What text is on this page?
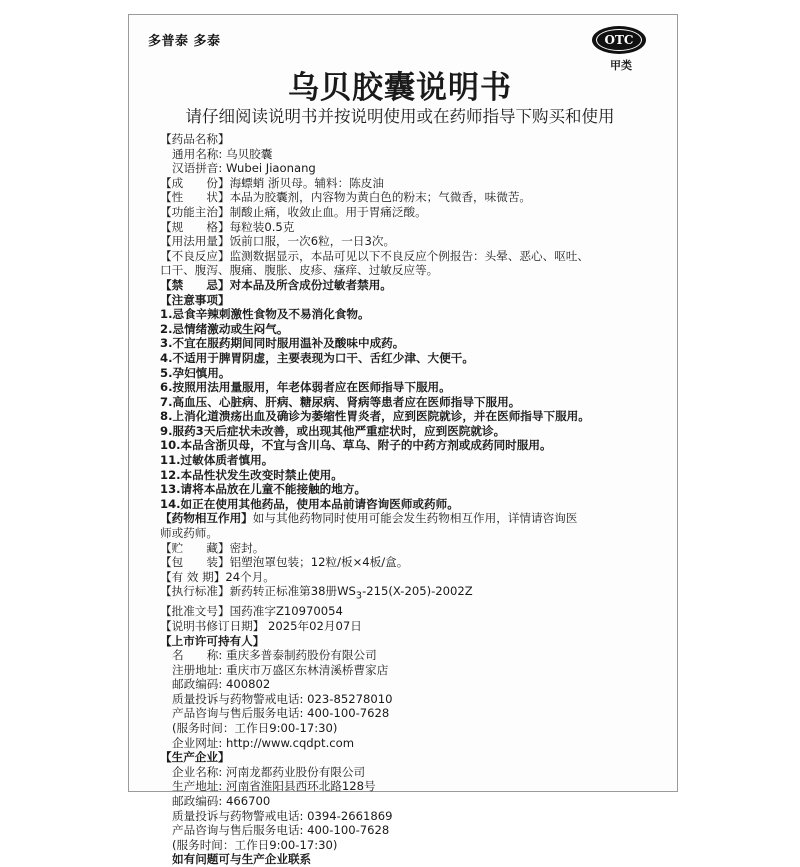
多普泰 多泰	OTC
甲类
乌贝胶囊说明书
请仔细阅读说明书并按说明使用或在药师指导下购买和使用
【药品名称】
通用名称: 乌贝胶囊
汉语拼音: Wubei Jiaonang
【成　　份】海螵蛸 浙贝母。辅料：陈皮油
【性　　状】本品为胶囊剂，内容物为黄白色的粉末；气微香，味微苦。
【功能主治】制酸止痛，收敛止血。用于胃痛泛酸。
【规　　格】每粒装0.5克
【用法用量】饭前口服，一次6粒，一日3次。
【不良反应】监测数据显示，本品可见以下不良反应个例报告：头晕、恶心、呕吐、
口干、腹泻、腹痛、腹胀、皮疹、瘙痒、过敏反应等。
【禁　　忌】对本品及所含成份过敏者禁用。
【注意事项】
1.忌食辛辣刺激性食物及不易消化食物。
2.忌情绪激动或生闷气。
3.不宜在服药期间同时服用温补及酸味中成药。
4.不适用于脾胃阴虚，主要表现为口干、舌红少津、大便干。
5.孕妇慎用。
6.按照用法用量服用，年老体弱者应在医师指导下服用。
7.高血压、心脏病、肝病、糖尿病、肾病等患者应在医师指导下服用。
8.上消化道溃疡出血及确诊为萎缩性胃炎者，应到医院就诊，并在医师指导下服用。
9.服药3天后症状未改善，或出现其他严重症状时，应到医院就诊。
10.本品含浙贝母，不宜与含川乌、草乌、附子的中药方剂或成药同时服用。
11.过敏体质者慎用。
12.本品性状发生改变时禁止使用。
13.请将本品放在儿童不能接触的地方。
14.如正在使用其他药品，使用本品前请咨询医师或药师。
【药物相互作用】如与其他药物同时使用可能会发生药物相互作用，详情请咨询医
师或药师。
【贮　　藏】密封。
【包　　装】铝塑泡罩包装；12粒/板×4板/盒。
【有 效 期】24个月。
【执行标准】新药转正标准第38册$WS_3-215(X-205)-2002Z$
【批准文号】国药准字Z10970054
【说明书修订日期】 2025年02月07日
【上市许可持有人】
名　　称: 重庆多普泰制药股份有限公司
注册地址: 重庆市万盛区东林清溪桥曹家店
邮政编码: 400802
质量投诉与药物警戒电话: 023-85278010
产品咨询与售后服务电话: 400-100-7628
(服务时间：工作日9:00-17:30)
企业网址: http://www.cqdpt.com
【生产企业】
企业名称: 河南龙都药业股份有限公司
生产地址: 河南省淮阳县西环北路128号
邮政编码: 466700
质量投诉与药物警戒电话: 0394-2661869
产品咨询与售后服务电话: 400-100-7628
(服务时间：工作日9:00-17:30)
如有问题可与生产企业联系
